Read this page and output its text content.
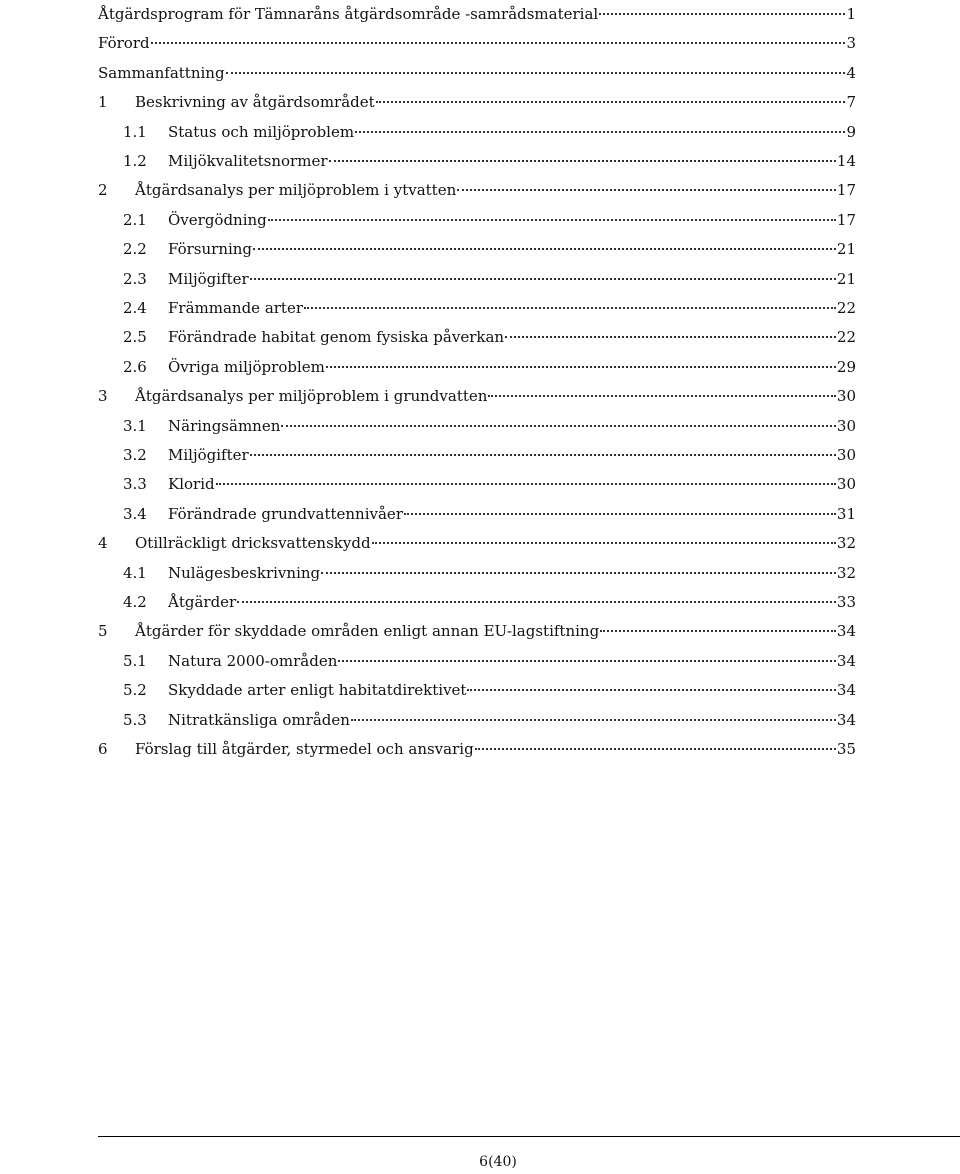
Åtgärdsprogram för Tämnaråns åtgärdsområde -samrådsmaterial	1
Förord	3
Sammanfattning	4
1	Beskrivning av åtgärdsområdet	7
1.1	Status och miljöproblem	9
1.2	Miljökvalitetsnormer	14
2	Åtgärdsanalys per miljöproblem i ytvatten	17
2.1	Övergödning	17
2.2	Försurning	21
2.3	Miljögifter	21
2.4	Främmande arter	22
2.5	Förändrade habitat genom fysiska påverkan	22
2.6	Övriga miljöproblem	29
3	Åtgärdsanalys per miljöproblem i grundvatten	30
3.1	Näringsämnen	30
3.2	Miljögifter	30
3.3	Klorid	30
3.4	Förändrade grundvattennivåer	31
4	Otillräckligt dricksvattenskydd	32
4.1	Nulägesbeskrivning	32
4.2	Åtgärder	33
5	Åtgärder för skyddade områden enligt annan EU-lagstiftning	34
5.1	Natura 2000-områden	34
5.2	Skyddade arter enligt habitatdirektivet	34
5.3	Nitratkänsliga områden	34
6	Förslag till åtgärder, styrmedel och ansvarig	35
6(40)
